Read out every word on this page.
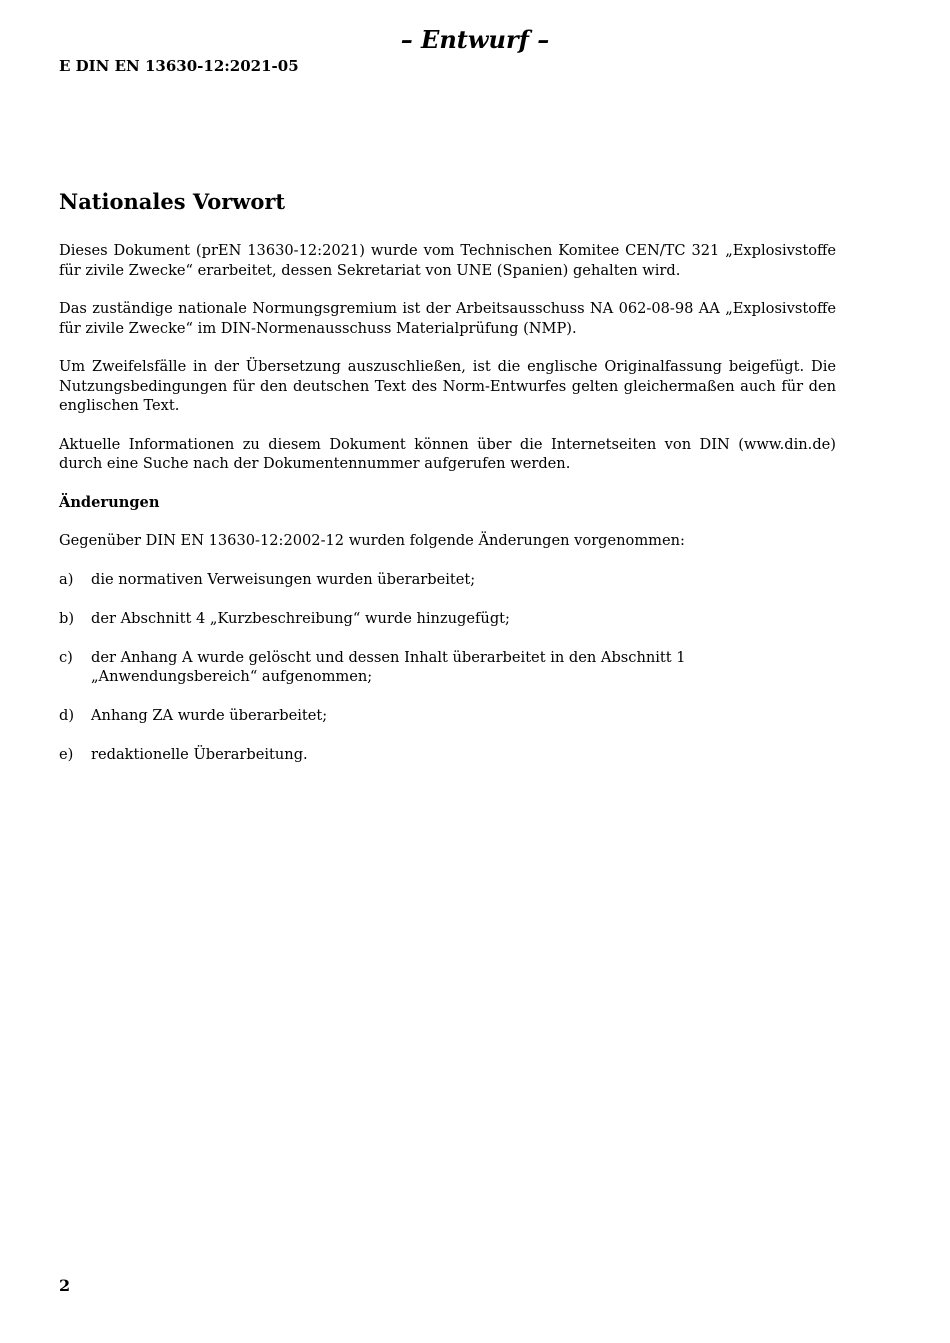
– Entwurf –
E DIN EN 13630-12:2021-05
Nationales Vorwort

Dieses Dokument (prEN 13630-12:2021) wurde vom Technischen Komitee CEN/TC 321 „Explosivstoffe für zivile Zwecke“ erarbeitet, dessen Sekretariat von UNE (Spanien) gehalten wird.

Das zuständige nationale Normungsgremium ist der Arbeitsausschuss NA 062-08-98 AA „Explosivstoffe für zivile Zwecke“ im DIN-Normenausschuss Materialprüfung (NMP).

Um Zweifelsfälle in der Übersetzung auszuschließen, ist die englische Originalfassung beigefügt. Die Nutzungsbedingungen für den deutschen Text des Norm-Entwurfes gelten gleichermaßen auch für den englischen Text.

Aktuelle Informationen zu diesem Dokument können über die Internetseiten von DIN (www.din.de) durch eine Suche nach der Dokumentennummer aufgerufen werden.

Änderungen

Gegenüber DIN EN 13630-12:2002-12 wurden folgende Änderungen vorgenommen:

a)	die normativen Verweisungen wurden überarbeitet;
b)	der Abschnitt 4 „Kurzbeschreibung“ wurde hinzugefügt;
c)	der Anhang A wurde gelöscht und dessen Inhalt überarbeitet in den Abschnitt 1 „Anwendungsbereich“ aufgenommen;
d)	Anhang ZA wurde überarbeitet;
e)	redaktionelle Überarbeitung.
2
